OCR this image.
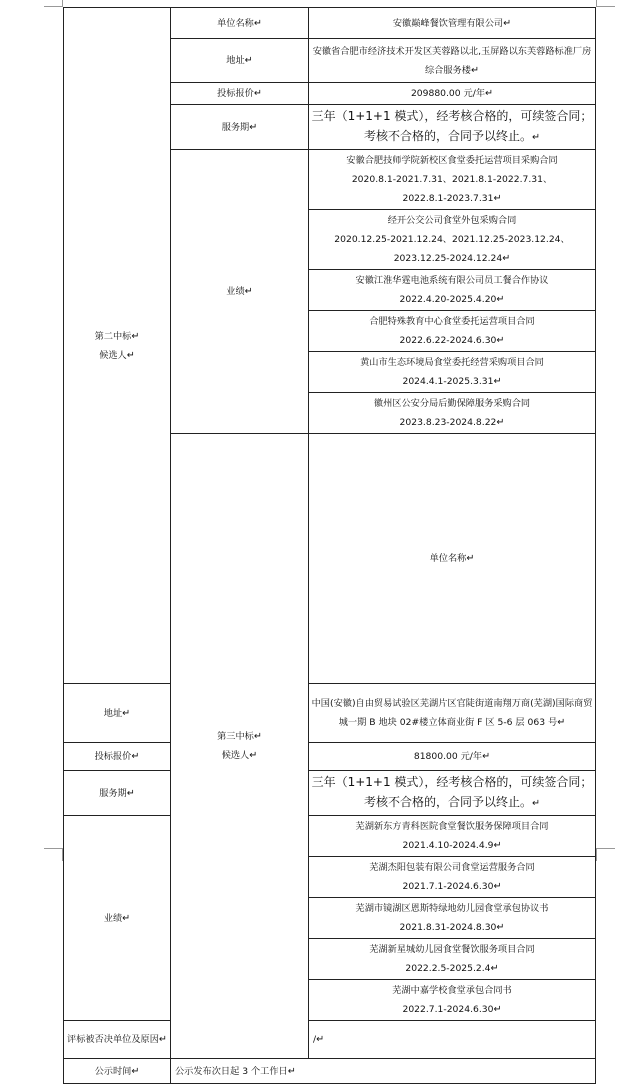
第二中标↵
候选人↵	单位名称↵	安徽巅峰餐饮管理有限公司↵	
	地址↵	安徽省合肥市经济技术开发区芙蓉路以北,玉屏路以东芙蓉路标准厂房综合服务楼↵	
	投标报价↵	209880.00 元/年↵	
	服务期↵	三年（1+1+1 模式），经考核合格的，可续签合同；
考核不合格的，合同予以终止。↵	
	业绩↵	安徽合肥技师学院新校区食堂委托运营项目采购合同
2020.8.1-2021.7.31、2021.8.1-2022.7.31、
2022.8.1-2023.7.31↵	
		经开公交公司食堂外包采购合同
2020.12.25-2021.12.24、2021.12.25-2023.12.24、
2023.12.25-2024.12.24↵	
		安徽江淮华霆电池系统有限公司员工餐合作协议
2022.4.20-2025.4.20↵	
		合肥特殊教育中心食堂委托运营项目合同
2022.6.22-2024.6.30↵	
		黄山市生态环境局食堂委托经营采购项目合同
2024.4.1-2025.3.31↵	
		徽州区公安分局后勤保障服务采购合同
2023.8.23-2024.8.22↵	
	第三中标↵
候选人↵	单位名称↵	
地址↵		中国(安徽)自由贸易试验区芜湖片区官陡街道南翔万商(芜湖)国际商贸城一期 B 地块 02#楼立体商业街 F 区 5-6 层 063 号↵	
投标报价↵		81800.00 元/年↵	
服务期↵		三年（1+1+1 模式），经考核合格的，可续签合同；
考核不合格的，合同予以终止。↵	
业绩↵		芜湖新东方青科医院食堂餐饮服务保障项目合同
2021.4.10-2024.4.9↵	
		芜湖杰阳包装有限公司食堂运营服务合同
2021.7.1-2024.6.30↵	
		芜湖市镜湖区恩斯特绿地幼儿园食堂承包协议书
2021.8.31-2024.8.30↵	
		芜湖新星城幼儿园食堂餐饮服务项目合同
2022.2.5-2025.2.4↵	
		芜湖中嘉学校食堂承包合同书
2022.7.1-2024.6.30↵	
评标被否决单位及原因↵		/↵	
公示时间↵	公示发布次日起 3 个工作日↵		
